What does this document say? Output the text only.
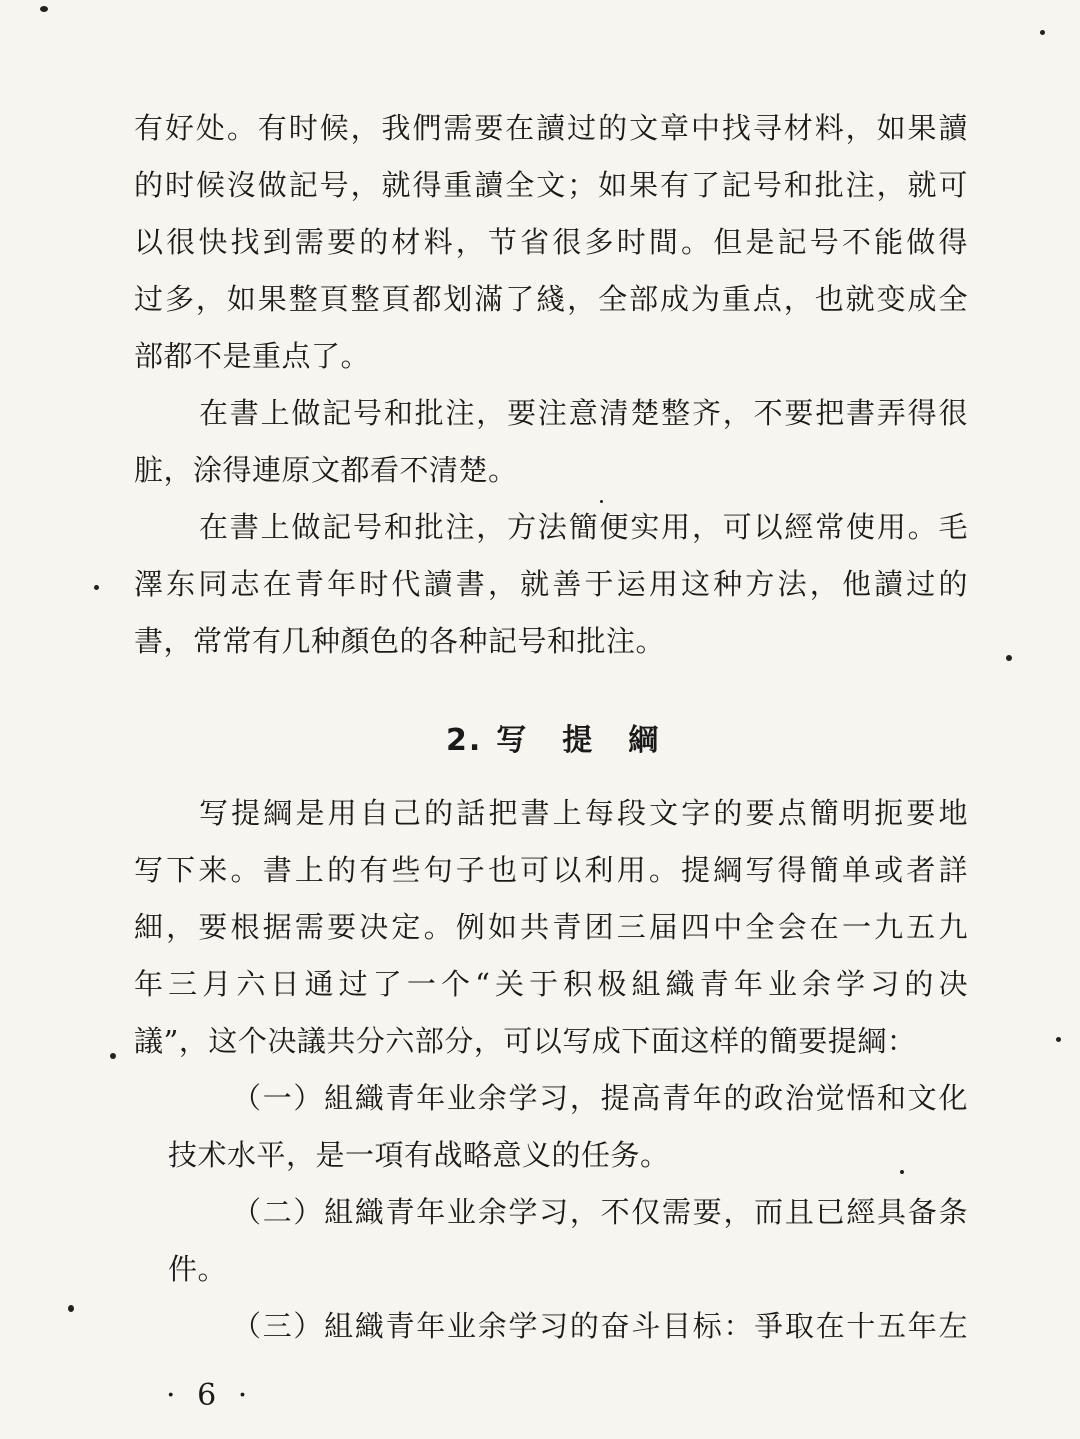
有好处。有时候，我們需要在讀过的文章中找寻材料，如果讀
的时候沒做記号，就得重讀全文；如果有了記号和批注，就可
以很快找到需要的材料，节省很多时間。但是記号不能做得
过多，如果整頁整頁都划滿了綫，全部成为重点，也就变成全
部都不是重点了。
在書上做記号和批注，要注意清楚整齐，不要把書弄得很
脏，涂得連原文都看不清楚。
在書上做記号和批注，方法簡便实用，可以經常使用。毛
澤东同志在青年时代讀書，就善于运用这种方法，他讀过的
書，常常有几种顏色的各种記号和批注。
2. 写 提 綱
写提綱是用自己的話把書上每段文字的要点簡明扼要地
写下来。書上的有些句子也可以利用。提綱写得簡单或者詳
細，要根据需要决定。例如共青团三届四中全会在一九五九
年三月六日通过了一个“关于积极組織青年业余学习的决
議”，这个决議共分六部分，可以写成下面这样的簡要提綱：
（一）組織青年业余学习，提高青年的政治觉悟和文化
技术水平，是一項有战略意义的任务。
（二）組織青年业余学习，不仅需要，而且已經具备条
件。
（三）組織青年业余学习的奋斗目标：爭取在十五年左
· 6 ·
